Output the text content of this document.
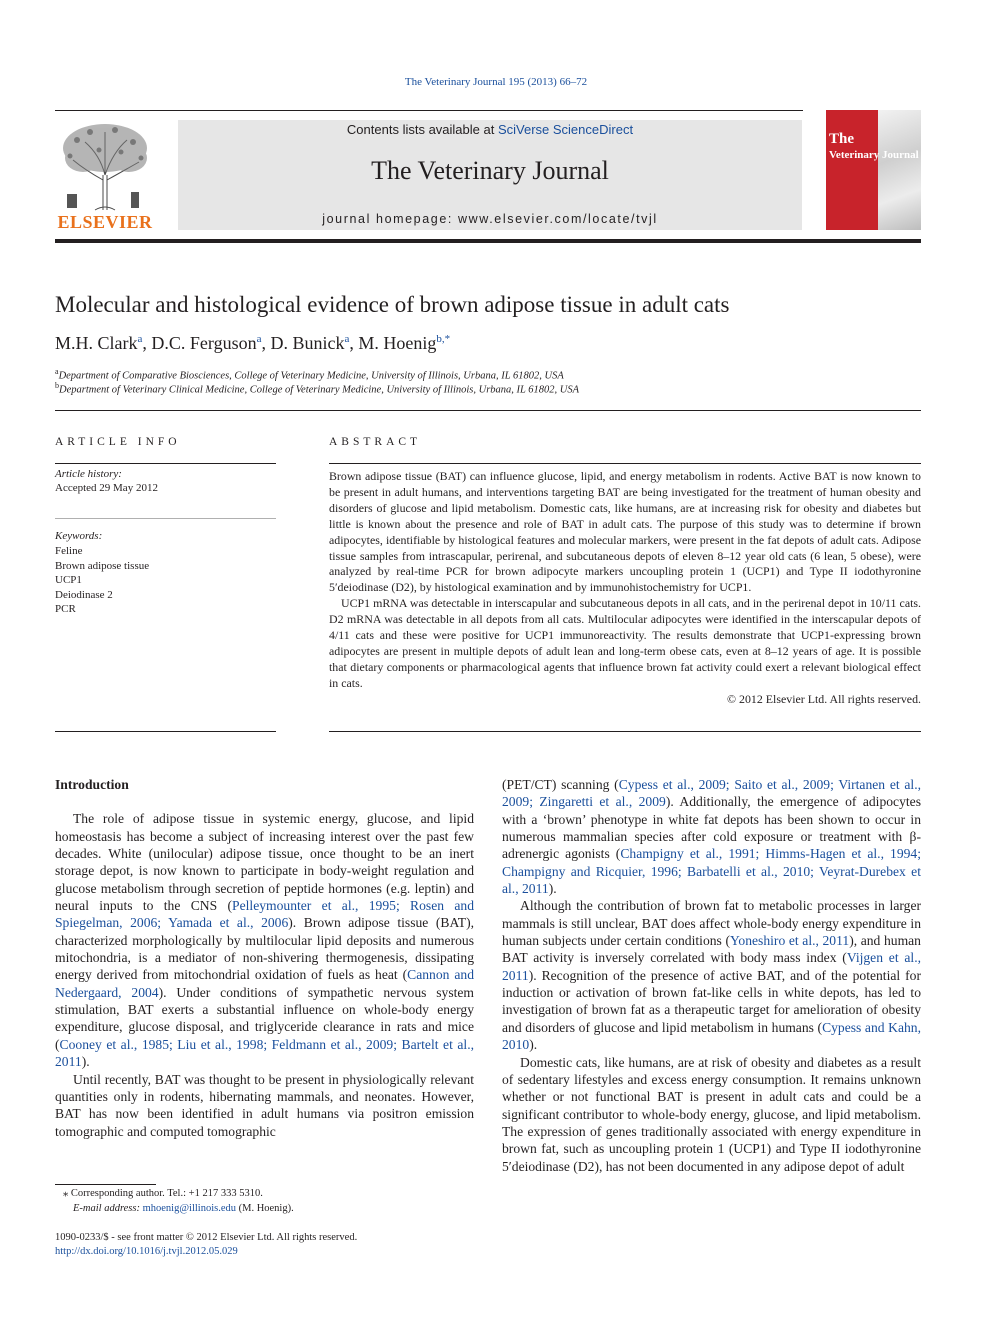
The Veterinary Journal 195 (2013) 66–72
ELSEVIER
Contents lists available at SciVerse ScienceDirect
The Veterinary Journal
journal homepage: www.elsevier.com/locate/tvjl
The
Veterinary Journal
Molecular and histological evidence of brown adipose tissue in adult cats
M.H. Clark$^a$, D.C. Ferguson$^a$, D. Bunick$^a$, M. Hoenig$^{b,*}$
$^a$Department of Comparative Biosciences, College of Veterinary Medicine, University of Illinois, Urbana, IL 61802, USA
$^b$Department of Veterinary Clinical Medicine, College of Veterinary Medicine, University of Illinois, Urbana, IL 61802, USA
ARTICLE INFO	ABSTRACT
Article history:
Accepted 29 May 2012
Keywords:
Feline
Brown adipose tissue
UCP1
Deiodinase 2
PCR

Brown adipose tissue (BAT) can influence glucose, lipid, and energy metabolism in rodents. Active BAT is now known to be present in adult humans, and interventions targeting BAT are being investigated for the treatment of human obesity and disorders of glucose and lipid metabolism. Domestic cats, like humans, are at increasing risk for obesity and diabetes but little is known about the presence and role of BAT in adult cats. The purpose of this study was to determine if brown adipocytes, identifiable by histological features and molecular markers, were present in the fat depots of adult cats. Adipose tissue samples from intrascapular, perirenal, and subcutaneous depots of eleven 8–12 year old cats (6 lean, 5 obese), were analyzed by real-time PCR for brown adipocyte markers uncoupling protein 1 (UCP1) and Type II iodothyronine 5′deiodinase (D2), by histological examination and by immunohistochemistry for UCP1.

UCP1 mRNA was detectable in interscapular and subcutaneous depots in all cats, and in the perirenal depot in 10/11 cats. D2 mRNA was detectable in all depots from all cats. Multilocular adipocytes were identified in the interscapular depots of 4/11 cats and these were positive for UCP1 immunoreactivity. The results demonstrate that UCP1-expressing brown adipocytes are present in multiple depots of adult lean and long-term obese cats, even at 8–12 years of age. It is possible that dietary components or pharmacological agents that influence brown fat activity could exert a relevant biological effect in cats.

© 2012 Elsevier Ltd. All rights reserved.

Introduction

The role of adipose tissue in systemic energy, glucose, and lipid homeostasis has become a subject of increasing interest over the past few decades. White (unilocular) adipose tissue, once thought to be an inert storage depot, is now known to participate in body-weight regulation and glucose metabolism through secretion of peptide hormones (e.g. leptin) and neural inputs to the CNS (Pelleymounter et al., 1995; Rosen and Spiegelman, 2006; Yamada et al., 2006). Brown adipose tissue (BAT), characterized morphologically by multilocular lipid deposits and numerous mitochondria, is a mediator of non-shivering thermogenesis, dissipating energy derived from mitochondrial oxidation of fuels as heat (Cannon and Nedergaard, 2004). Under conditions of sympathetic nervous system stimulation, BAT exerts a substantial influence on whole-body energy expenditure, glucose disposal, and triglyceride clearance in rats and mice (Cooney et al., 1985; Liu et al., 1998; Feldmann et al., 2009; Bartelt et al., 2011).

Until recently, BAT was thought to be present in physiologically relevant quantities only in rodents, hibernating mammals, and neonates. However, BAT has now been identified in adult humans via positron emission tomographic and computed tomographic

(PET/CT) scanning (Cypess et al., 2009; Saito et al., 2009; Virtanen et al., 2009; Zingaretti et al., 2009). Additionally, the emergence of adipocytes with a ‘brown’ phenotype in white fat depots has been shown to occur in numerous mammalian species after cold exposure or treatment with β-adrenergic agonists (Champigny et al., 1991; Himms-Hagen et al., 1994; Champigny and Ricquier, 1996; Barbatelli et al., 2010; Veyrat-Durebex et al., 2011).

Although the contribution of brown fat to metabolic processes in larger mammals is still unclear, BAT does affect whole-body energy expenditure in human subjects under certain conditions (Yoneshiro et al., 2011), and human BAT activity is inversely correlated with body mass index (Vijgen et al., 2011). Recognition of the presence of active BAT, and of the potential for induction or activation of brown fat-like cells in white depots, has led to investigation of brown fat as a therapeutic target for amelioration of obesity and disorders of glucose and lipid metabolism in humans (Cypess and Kahn, 2010).

Domestic cats, like humans, are at risk of obesity and diabetes as a result of sedentary lifestyles and excess energy consumption. It remains unknown whether or not functional BAT is present in adult cats and could be a significant contributor to whole-body energy, glucose, and lipid metabolism. The expression of genes traditionally associated with energy expenditure in brown fat, such as uncoupling protein 1 (UCP1) and Type II iodothyronine 5′deiodinase (D2), has not been documented in any adipose depot of adult

⁎ Corresponding author. Tel.: +1 217 333 5310.
E-mail address: mhoenig@illinois.edu (M. Hoenig).
1090-0233/$ - see front matter © 2012 Elsevier Ltd. All rights reserved.
http://dx.doi.org/10.1016/j.tvjl.2012.05.029
